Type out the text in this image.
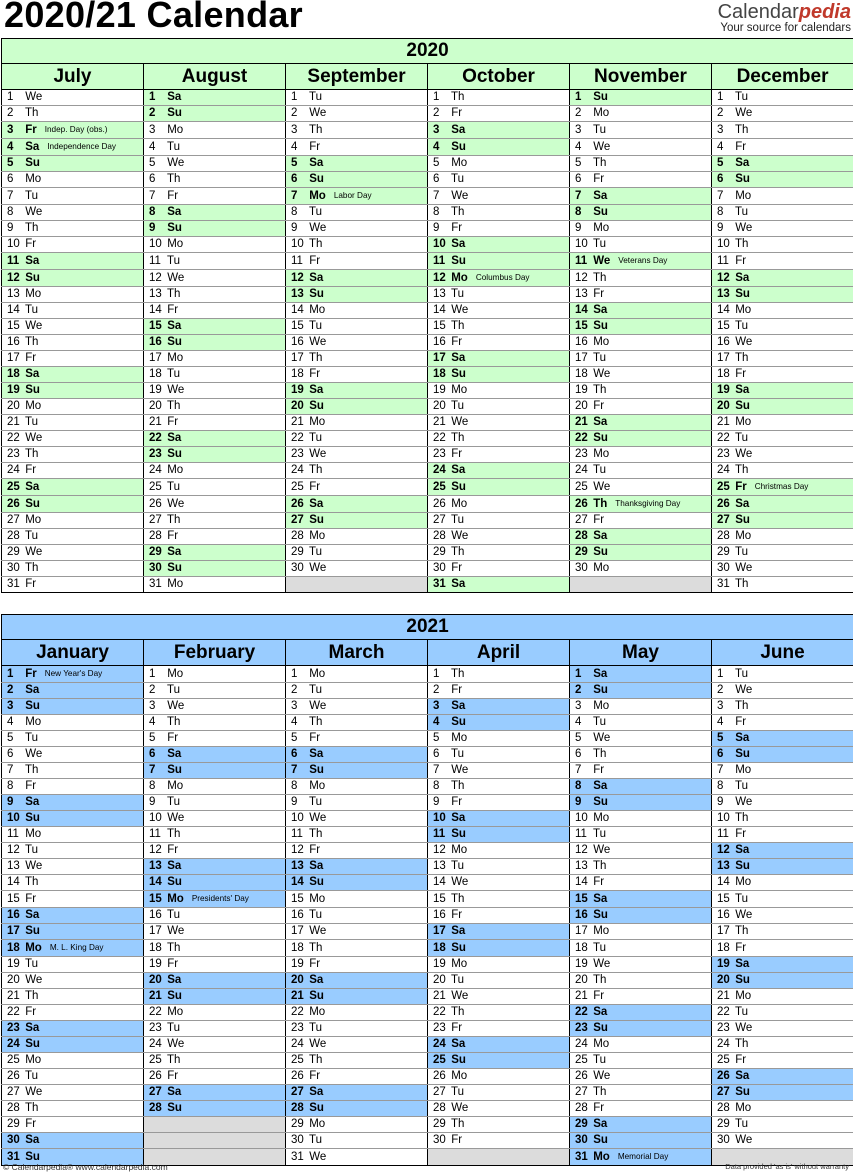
2020/21 Calendar	Calendarpedia
Your source for calendars
2020					
July	August	September	October	November	December
1 We	1 Sa	1 Tu	1 Th	1 Su	1 Tu
2 Th	2 Su	2 We	2 Fr	2 Mo	2 We
3 Fr Indep. Day (obs.)	3 Mo	3 Th	3 Sa	3 Tu	3 Th
4 Sa Independence Day	4 Tu	4 Fr	4 Su	4 We	4 Fr
5 Su	5 We	5 Sa	5 Mo	5 Th	5 Sa
6 Mo	6 Th	6 Su	6 Tu	6 Fr	6 Su
7 Tu	7 Fr	7 Mo Labor Day	7 We	7 Sa	7 Mo
8 We	8 Sa	8 Tu	8 Th	8 Su	8 Tu
9 Th	9 Su	9 We	9 Fr	9 Mo	9 We
10 Fr	10 Mo	10 Th	10 Sa	10 Tu	10 Th
11 Sa	11 Tu	11 Fr	11 Su	11 We Veterans Day	11 Fr
12 Su	12 We	12 Sa	12 Mo Columbus Day	12 Th	12 Sa
13 Mo	13 Th	13 Su	13 Tu	13 Fr	13 Su
14 Tu	14 Fr	14 Mo	14 We	14 Sa	14 Mo
15 We	15 Sa	15 Tu	15 Th	15 Su	15 Tu
16 Th	16 Su	16 We	16 Fr	16 Mo	16 We
17 Fr	17 Mo	17 Th	17 Sa	17 Tu	17 Th
18 Sa	18 Tu	18 Fr	18 Su	18 We	18 Fr
19 Su	19 We	19 Sa	19 Mo	19 Th	19 Sa
20 Mo	20 Th	20 Su	20 Tu	20 Fr	20 Su
21 Tu	21 Fr	21 Mo	21 We	21 Sa	21 Mo
22 We	22 Sa	22 Tu	22 Th	22 Su	22 Tu
23 Th	23 Su	23 We	23 Fr	23 Mo	23 We
24 Fr	24 Mo	24 Th	24 Sa	24 Tu	24 Th
25 Sa	25 Tu	25 Fr	25 Su	25 We	25 Fr Christmas Day
26 Su	26 We	26 Sa	26 Mo	26 Th Thanksgiving Day	26 Sa
27 Mo	27 Th	27 Su	27 Tu	27 Fr	27 Su
28 Tu	28 Fr	28 Mo	28 We	28 Sa	28 Mo
29 We	29 Sa	29 Tu	29 Th	29 Su	29 Tu
30 Th	30 Su	30 We	30 Fr	30 Mo	30 We
31 Fr	31 Mo		31 Sa		31 Th
2021					
January	February	March	April	May	June
1 Fr New Year's Day	1 Mo	1 Mo	1 Th	1 Sa	1 Tu
2 Sa	2 Tu	2 Tu	2 Fr	2 Su	2 We
3 Su	3 We	3 We	3 Sa	3 Mo	3 Th
4 Mo	4 Th	4 Th	4 Su	4 Tu	4 Fr
5 Tu	5 Fr	5 Fr	5 Mo	5 We	5 Sa
6 We	6 Sa	6 Sa	6 Tu	6 Th	6 Su
7 Th	7 Su	7 Su	7 We	7 Fr	7 Mo
8 Fr	8 Mo	8 Mo	8 Th	8 Sa	8 Tu
9 Sa	9 Tu	9 Tu	9 Fr	9 Su	9 We
10 Su	10 We	10 We	10 Sa	10 Mo	10 Th
11 Mo	11 Th	11 Th	11 Su	11 Tu	11 Fr
12 Tu	12 Fr	12 Fr	12 Mo	12 We	12 Sa
13 We	13 Sa	13 Sa	13 Tu	13 Th	13 Su
14 Th	14 Su	14 Su	14 We	14 Fr	14 Mo
15 Fr	15 Mo Presidents' Day	15 Mo	15 Th	15 Sa	15 Tu
16 Sa	16 Tu	16 Tu	16 Fr	16 Su	16 We
17 Su	17 We	17 We	17 Sa	17 Mo	17 Th
18 Mo M. L. King Day	18 Th	18 Th	18 Su	18 Tu	18 Fr
19 Tu	19 Fr	19 Fr	19 Mo	19 We	19 Sa
20 We	20 Sa	20 Sa	20 Tu	20 Th	20 Su
21 Th	21 Su	21 Su	21 We	21 Fr	21 Mo
22 Fr	22 Mo	22 Mo	22 Th	22 Sa	22 Tu
23 Sa	23 Tu	23 Tu	23 Fr	23 Su	23 We
24 Su	24 We	24 We	24 Sa	24 Mo	24 Th
25 Mo	25 Th	25 Th	25 Su	25 Tu	25 Fr
26 Tu	26 Fr	26 Fr	26 Mo	26 We	26 Sa
27 We	27 Sa	27 Sa	27 Tu	27 Th	27 Su
28 Th	28 Su	28 Su	28 We	28 Fr	28 Mo
29 Fr		29 Mo	29 Th	29 Sa	29 Tu
30 Sa		30 Tu	30 Fr	30 Su	30 We
31 Su		31 We		31 Mo Memorial Day	
© Calendarpedia® www.calendarpedia.com	Data provided 'as is' without warranty
